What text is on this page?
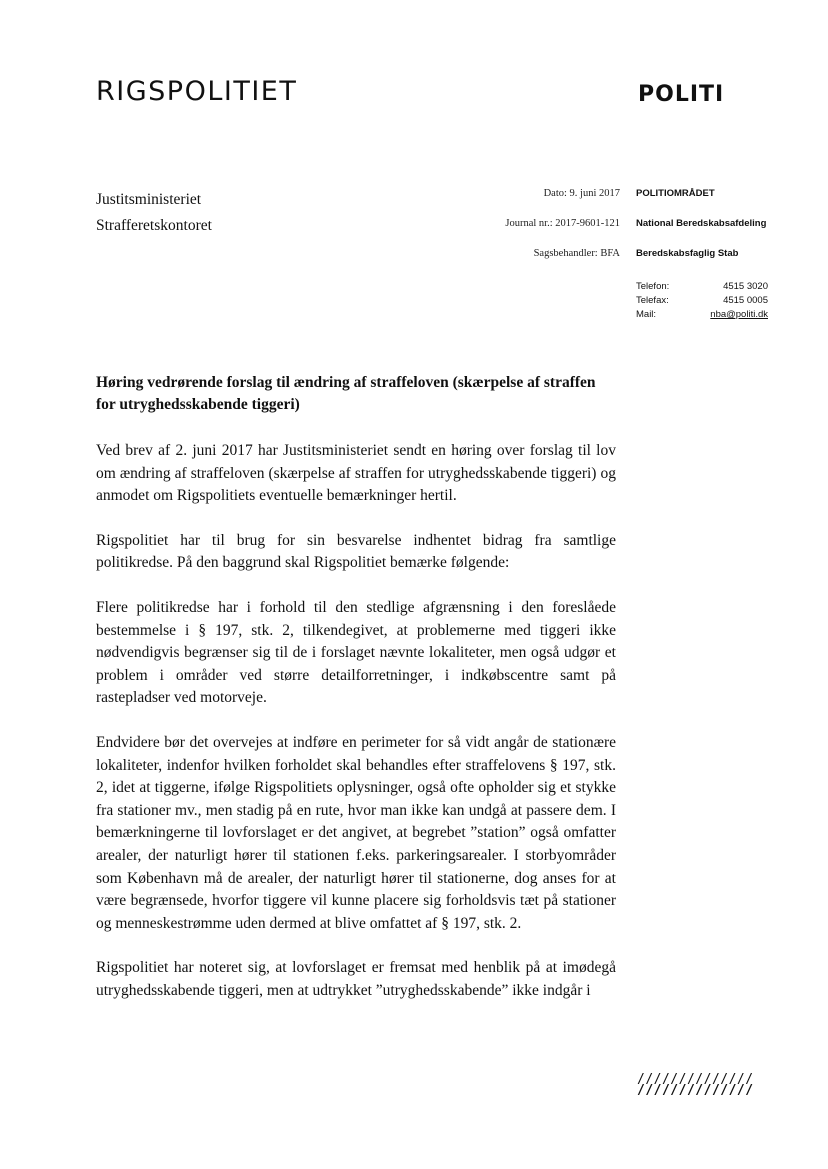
RIGSPOLITIET	POLITI
Justitsministeriet
Strafferetskontoret
Dato: 9. juni 2017
Journal nr.: 2017-9601-121
Sagsbehandler: BFA
POLITIOMRÅDET
National Beredskabsafdeling
Beredskabsfaglig Stab
Telefon:	4515 3020
Telefax:	4515 0005
Mail:	nba@politi.dk
Høring vedrørende forslag til ændring af straffeloven (skærpelse af straffen for utryghedsskabende tiggeri)

Ved brev af 2. juni 2017 har Justitsministeriet sendt en høring over forslag til lov om ændring af straffeloven (skærpelse af straffen for utryghedsskabende tiggeri) og anmodet om Rigspolitiets eventuelle bemærkninger hertil.

Rigspolitiet har til brug for sin besvarelse indhentet bidrag fra samtlige politikredse. På den baggrund skal Rigspolitiet bemærke følgende:

Flere politikredse har i forhold til den stedlige afgrænsning i den foreslåede bestemmelse i § 197, stk. 2, tilkendegivet, at problemerne med tiggeri ikke nødvendigvis begrænser sig til de i forslaget nævnte lokaliteter, men også udgør et problem i områder ved større detailforretninger, i indkøbscentre samt på rastepladser ved motorveje.

Endvidere bør det overvejes at indføre en perimeter for så vidt angår de stationære lokaliteter, indenfor hvilken forholdet skal behandles efter straffelovens § 197, stk. 2, idet at tiggerne, ifølge Rigspolitiets oplysninger, også ofte opholder sig et stykke fra stationer mv., men stadig på en rute, hvor man ikke kan undgå at passere dem. I bemærkningerne til lovforslaget er det angivet, at begrebet ”station” også omfatter arealer, der naturligt hører til stationen f.eks. parkeringsarealer. I storbyområder som København må de arealer, der naturligt hører til stationerne, dog anses for at være begrænsede, hvorfor tiggere vil kunne placere sig forholdsvis tæt på stationer og menneskestrømme uden dermed at blive omfattet af § 197, stk. 2.

Rigspolitiet har noteret sig, at lovforslaget er fremsat med henblik på at imødegå utryghedsskabende tiggeri, men at udtrykket ”utryghedsskabende” ikke indgår i

//////////////
//////////////
